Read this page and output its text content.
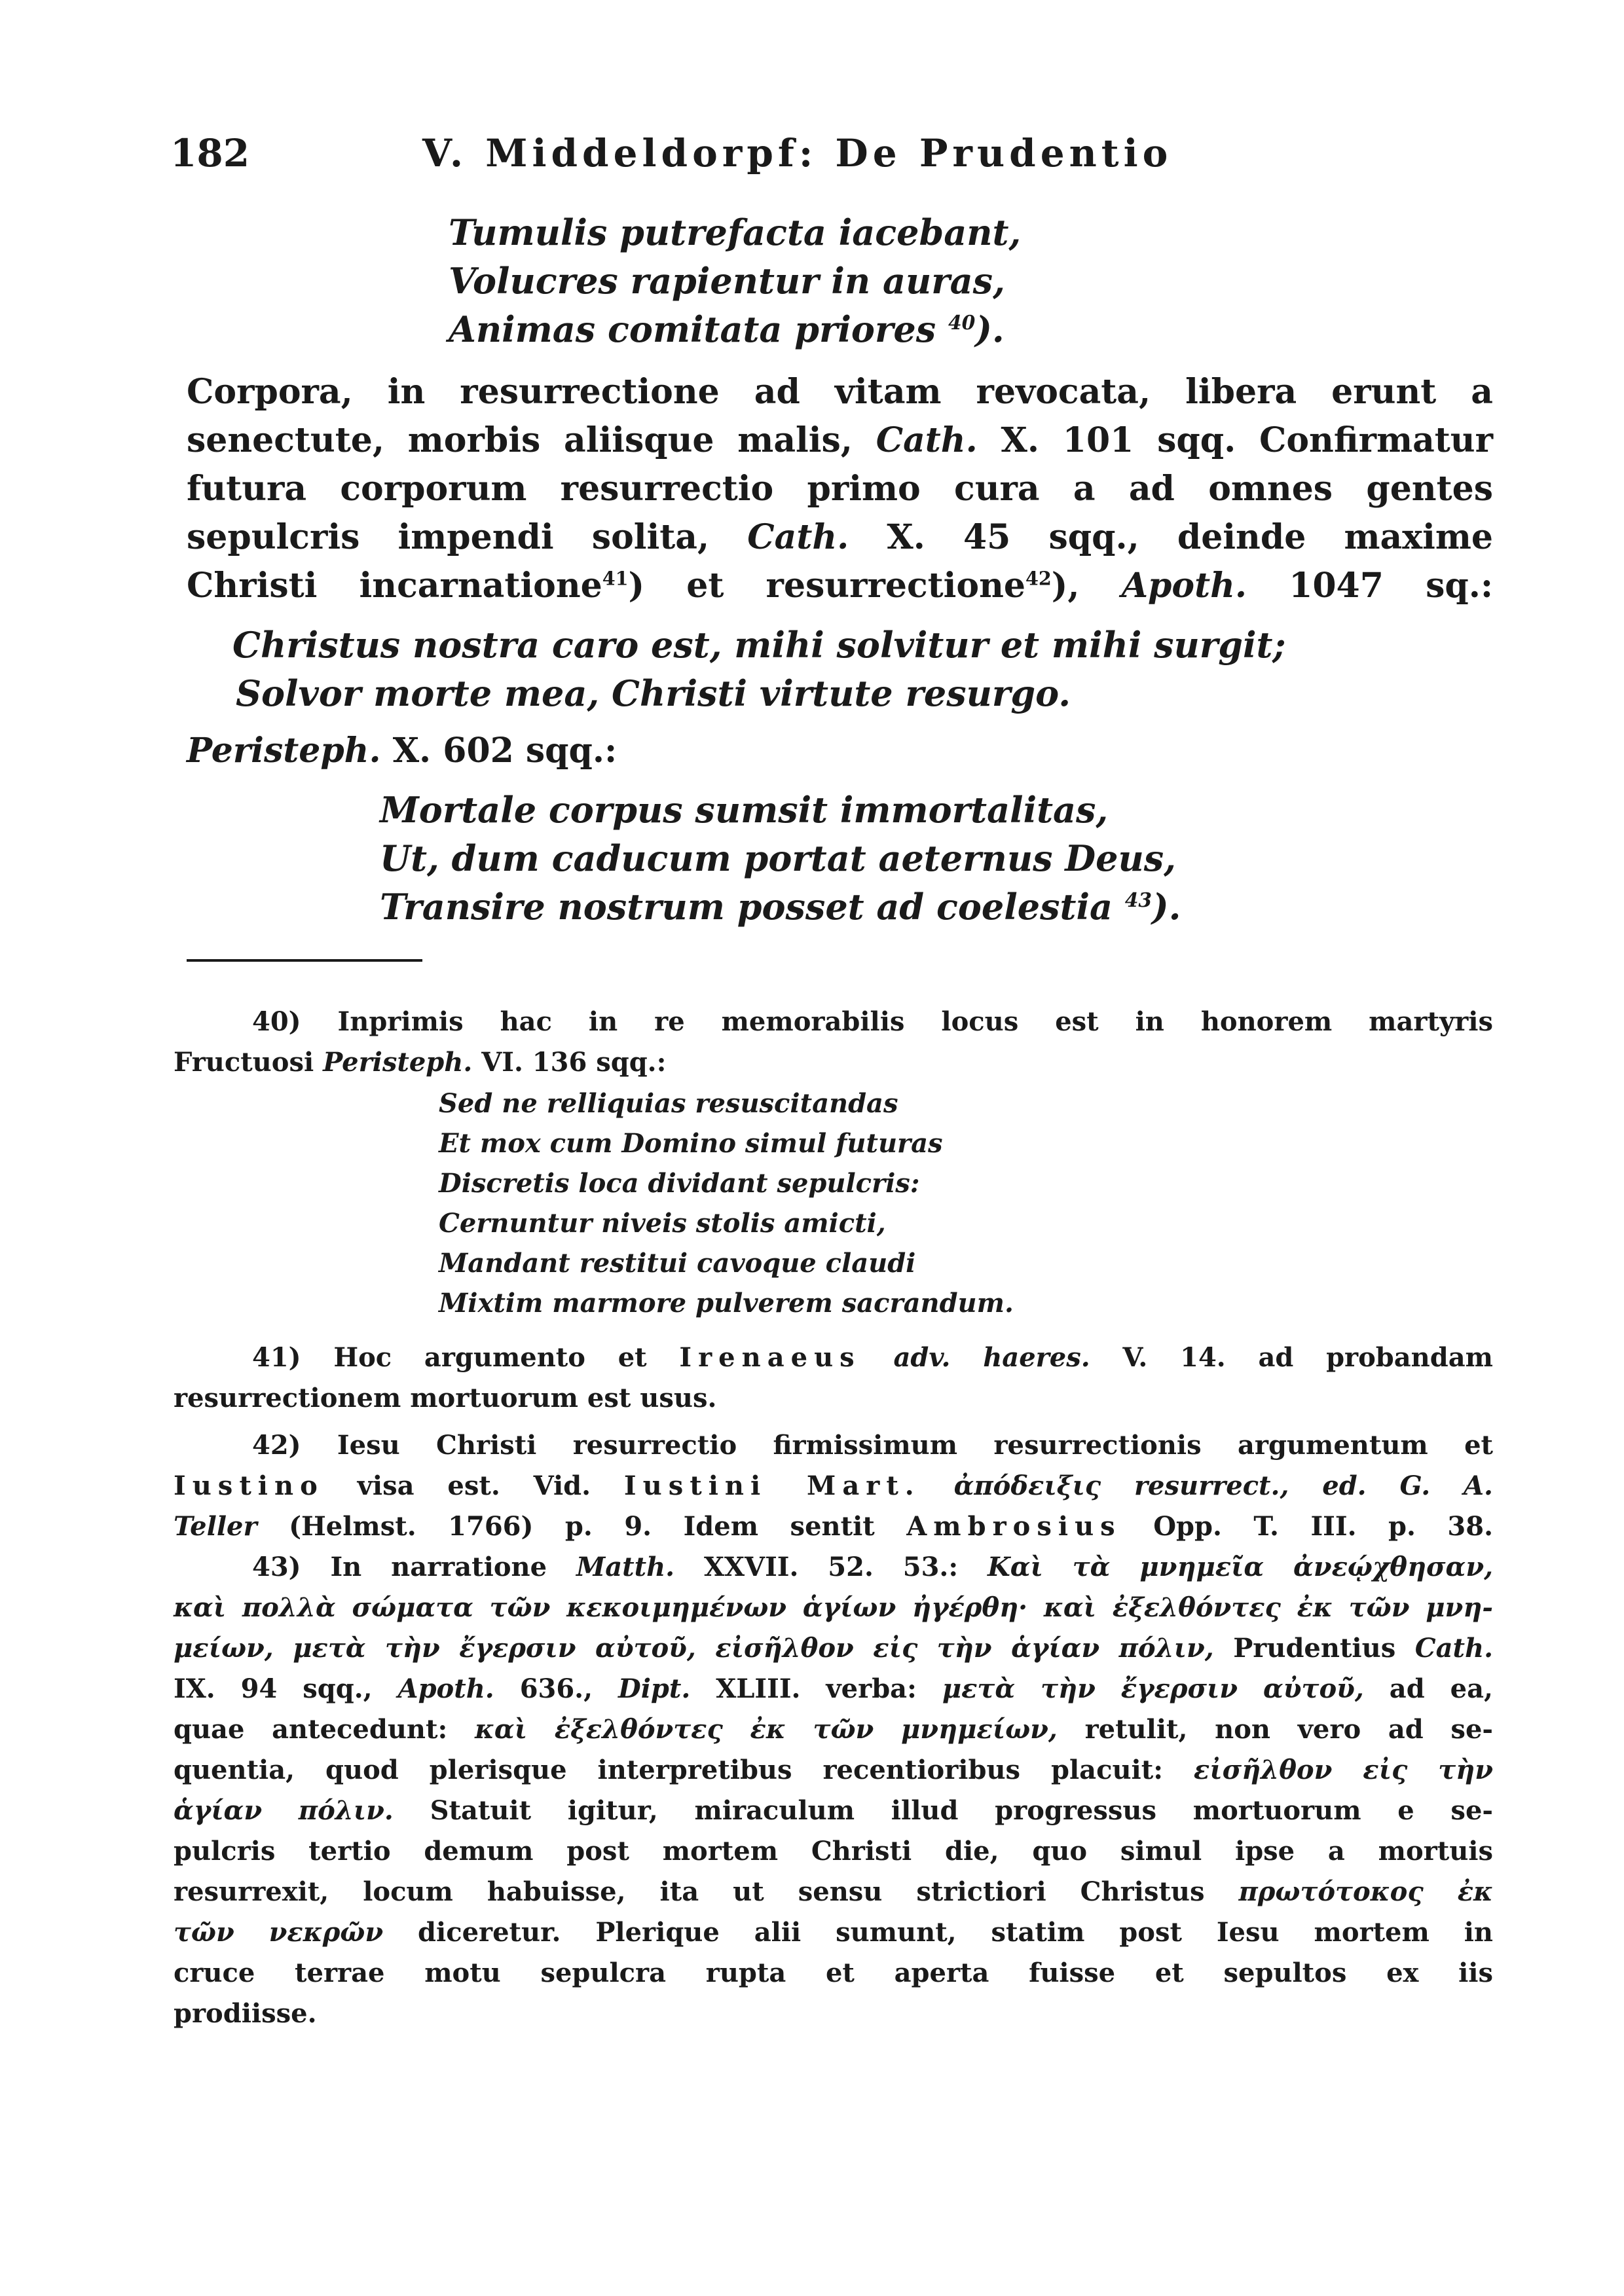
182	V. Middeldorpf: De Prudentio
Tumulis putrefacta iacebant,
Volucres rapientur in auras,
Animas comitata priores $^{40}$).
Corpora, in resurrectione ad vitam revocata, libera erunt a
senectute, morbis aliisque malis, Cath. X. 101 sqq. Confirmatur
futura corporum resurrectio primo cura a ad omnes gentes
sepulcris impendi solita, Cath. X. 45 sqq., deinde maxime
Christi incarnatione$^{41}$) et resurrectione$^{42}$), Apoth. 1047 sq.:
Christus nostra caro est, mihi solvitur et mihi surgit;
Solvor morte mea, Christi virtute resurgo.
Peristeph. X. 602 sqq.:
Mortale corpus sumsit immortalitas,
Ut, dum caducum portat aeternus Deus,
Transire nostrum posset ad coelestia $^{43}$).
40) Inprimis hac in re memorabilis locus est in honorem martyris
Fructuosi Peristeph. VI. 136 sqq.:
Sed ne relliquias resuscitandas
Et mox cum Domino simul futuras
Discretis loca dividant sepulcris:
Cernuntur niveis stolis amicti,
Mandant restitui cavoque claudi
Mixtim marmore pulverem sacrandum.
41) Hoc argumento et Irenaeus adv. haeres. V. 14. ad probandam
resurrectionem mortuorum est usus.
42) Iesu Christi resurrectio firmissimum resurrectionis argumentum et
Iustino visa est. Vid. Iustini Mart. ἀπόδειξις resurrect., ed. G. A.
Teller (Helmst. 1766) p. 9. Idem sentit Ambrosius Opp. T. III. p. 38.
43) In narratione Matth. XXVII. 52. 53.: Καὶ τὰ μνημεῖα ἀνεῴχθησαν,
καὶ πολλὰ σώματα τῶν κεκοιμημένων ἁγίων ἠγέρθη· καὶ ἐξελθόντες ἐκ τῶν μνη-
μείων, μετὰ τὴν ἔγερσιν αὐτοῦ, εἰσῆλθον εἰς τὴν ἁγίαν πόλιν, Prudentius Cath.
IX. 94 sqq., Apoth. 636., Dipt. XLIII. verba: μετὰ τὴν ἔγερσιν αὐτοῦ, ad ea,
quae antecedunt: καὶ ἐξελθόντες ἐκ τῶν μνημείων, retulit, non vero ad se-
quentia, quod plerisque interpretibus recentioribus placuit: εἰσῆλθον εἰς τὴν
ἁγίαν πόλιν. Statuit igitur, miraculum illud progressus mortuorum e se-
pulcris tertio demum post mortem Christi die, quo simul ipse a mortuis
resurrexit, locum habuisse, ita ut sensu strictiori Christus πρωτότοκος ἐκ
τῶν νεκρῶν diceretur. Plerique alii sumunt, statim post Iesu mortem in
cruce terrae motu sepulcra rupta et aperta fuisse et sepultos ex iis
prodiisse.
